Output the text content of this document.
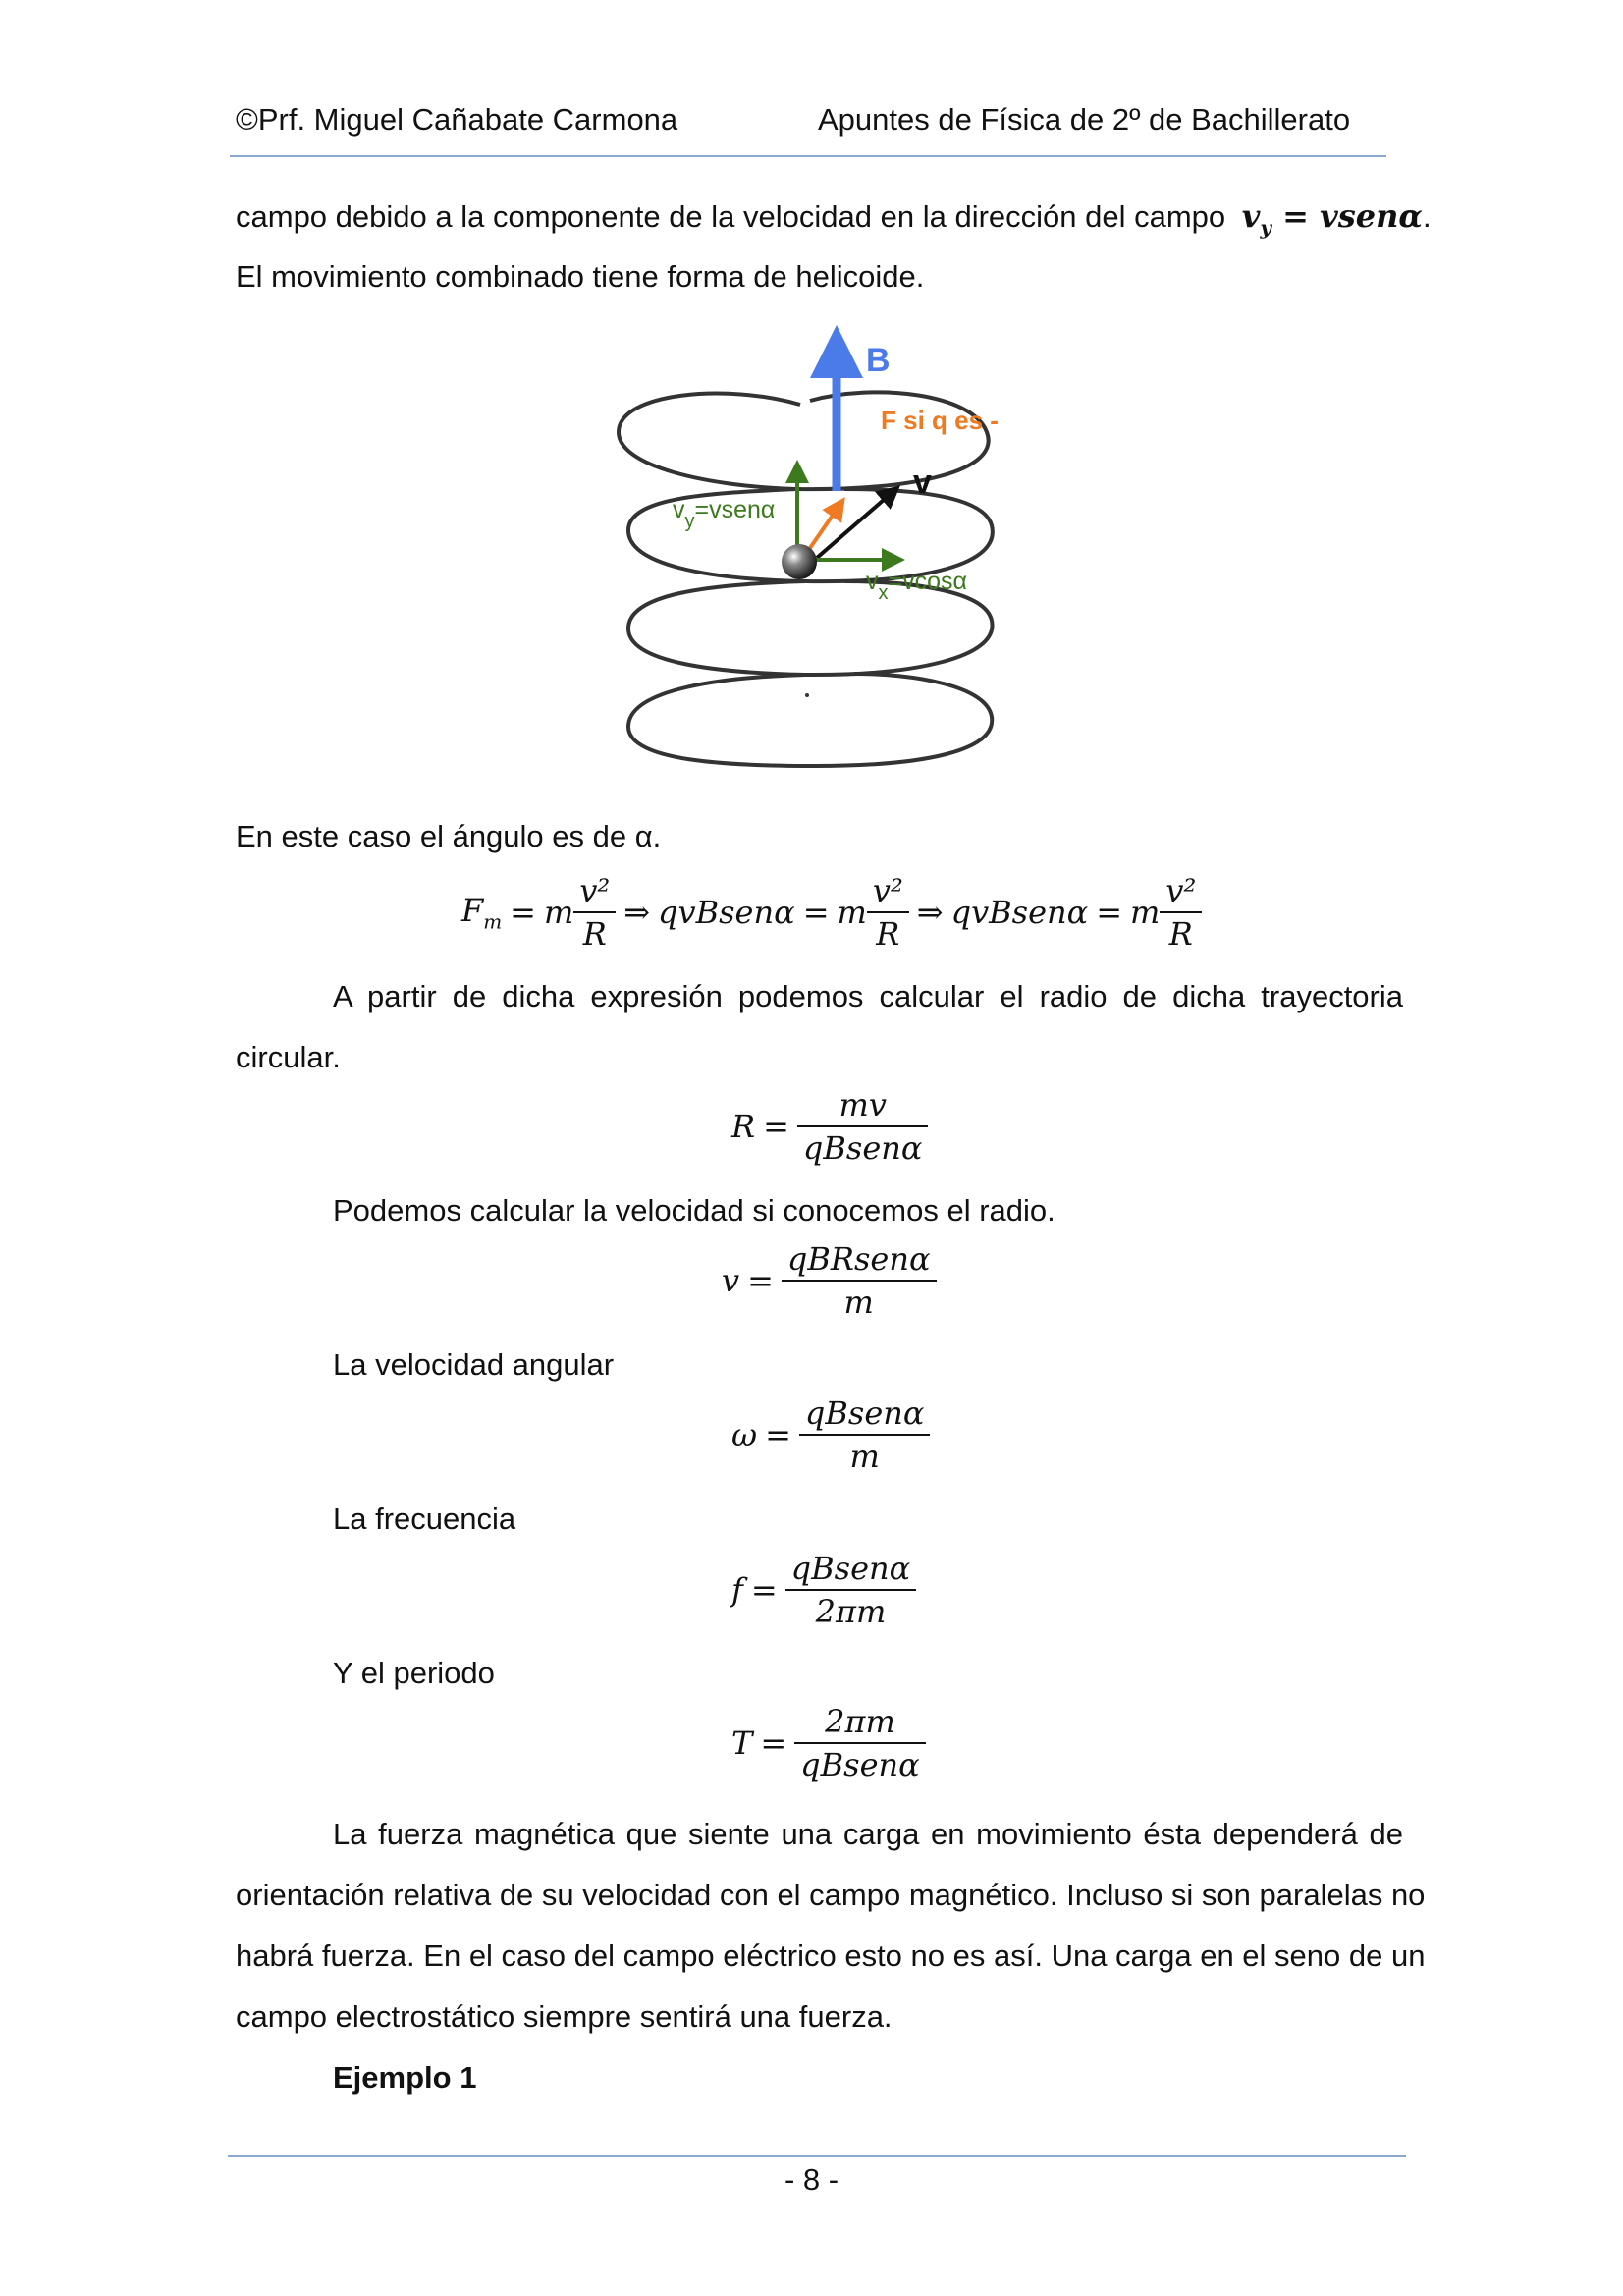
©Prf. Miguel Cañabate Carmona	Apuntes de Física de 2º de Bachillerato
campo debido a la componente de la velocidad en la dirección del campo $v_y$ = vsenα.
El movimiento combinado tiene forma de helicoide.
B
F si q es -
v
$v_y=vsen\alpha$
$v_x=vcos\alpha$
En este caso el ángulo es de α.
$F_m = m \frac{\text{v²}}{R}$ ⇒ qvBsenα = m $\frac{\text{v²}}{R}$ ⇒ qvBsenα = m $\frac{\text{v²}}{R}$
A partir de dicha expresión podemos calcular el radio de dicha trayectoria
circular.
$R = \frac{mv}{\text{qBsenα}}$
Podemos calcular la velocidad si conocemos el radio.
$v = \frac{\text{qBRsenα}}{m}$
La velocidad angular
$\omega = \frac{\text{qBsenα}}{m}$
La frecuencia
$f = \frac{\text{qBsenα}}{2\pi m}$
Y el periodo
$T = \frac{2\pi m}{\text{qBsenα}}$
La fuerza magnética que siente una carga en movimiento ésta dependerá de
orientación relativa de su velocidad con el campo magnético. Incluso si son paralelas no
habrá fuerza. En el caso del campo eléctrico esto no es así. Una carga en el seno de un
campo electrostático siempre sentirá una fuerza.
Ejemplo 1
- 8 -
